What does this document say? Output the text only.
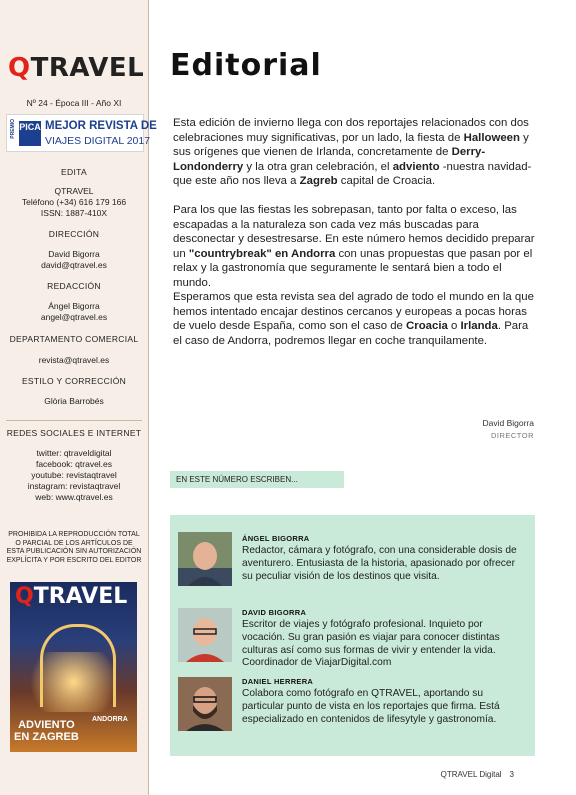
QTRAVEL
Nº 24 - Época III - Año XI
PREMIO PICA MEJOR REVISTA DE
VIAJES DIGITAL 2017
EDITA
QTRAVEL
Teléfono (+34) 616 179 166
ISSN: 1887-410X
DIRECCIÓN
David Bigorra
david@qtravel.es
REDACCIÓN
Ángel Bigorra
angel@qtravel.es
DEPARTAMENTO COMERCIAL
revista@qtravel.es
ESTILO Y CORRECCIÓN
Glòria Barrobés
REDES SOCIALES E INTERNET
twitter: qtraveldigital
facebook: qtravel.es
youtube: revistaqtravel
instagram: revistaqtravel
web: www.qtravel.es
PROHIBIDA LA REPRODUCCIÓN TOTAL O PARCIAL DE LOS ARTÍCULOS DE ESTA PUBLICACIÓN SIN AUTORIZACIÓN EXPLÍCITA Y POR ESCRITO DEL EDITOR
QTRAVEL
ANDORRA
ADVIENTO
EN ZAGREB
Editorial
Esta edición de invierno llega con dos reportajes relacionados con dos celebraciones muy significativas, por un lado, la fiesta de Halloween y sus orígenes que vienen de Irlanda, concretamente de Derry-Londonderry y la otra gran celebración, el adviento -nuestra navidad- que este año nos lleva a Zagreb capital de Croacia.
Para los que las fiestas les sobrepasan, tanto por falta o exceso, las escapadas a la naturaleza son cada vez más buscadas para desconectar y desestresarse. En este número hemos decidido preparar un "countrybreak" en Andorra con unas propuestas que pasan por el relax y la gastronomía que seguramente le sentará bien a todo el mundo.
Esperamos que esta revista sea del agrado de todo el mundo en la que hemos intentado encajar destinos cercanos y europeas a pocas horas de vuelo desde España, como son el caso de Croacia o Irlanda. Para el caso de Andorra, podremos llegar en coche tranquilamente.
David Bigorra
DIRECTOR
EN ESTE NÚMERO ESCRIBEN...
ÁNGEL BIGORRA
Redactor, cámara y fotógrafo, con una considerable dosis de aventurero. Entusiasta de la historia, apasionado por ofrecer su peculiar visión de los destinos que visita.
DAVID BIGORRA
Escritor de viajes y fotógrafo profesional. Inquieto por vocación. Su gran pasión es viajar para conocer distintas culturas así como sus formas de vivir y entender la vida. Coordinador de ViajarDigital.com
DANIEL HERRERA
Colabora como fotógrafo en QTRAVEL, aportando su particular punto de vista en los reportajes que firma. Está especializado en contenidos de lifesytyle y gastronomía.
QTRAVEL Digital 3
